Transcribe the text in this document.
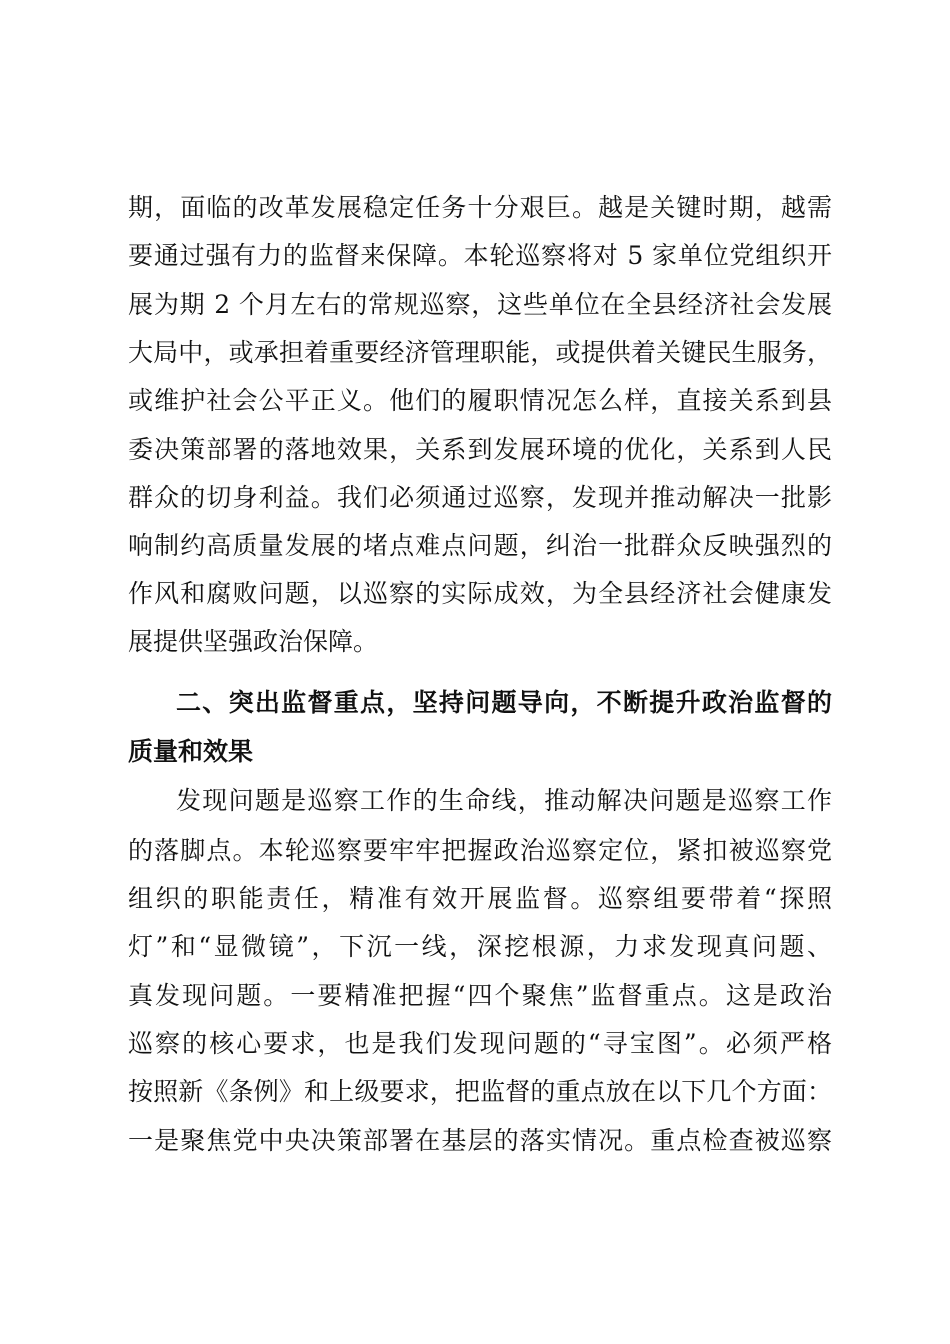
期，面临的改革发展稳定任务十分艰巨。越是关键时期，越需
要通过强有力的监督来保障。本轮巡察将对 5 家单位党组织开
展为期 2 个月左右的常规巡察，这些单位在全县经济社会发展
大局中，或承担着重要经济管理职能，或提供着关键民生服务，
或维护社会公平正义。他们的履职情况怎么样，直接关系到县
委决策部署的落地效果，关系到发展环境的优化，关系到人民
群众的切身利益。我们必须通过巡察，发现并推动解决一批影
响制约高质量发展的堵点难点问题，纠治一批群众反映强烈的
作风和腐败问题，以巡察的实际成效，为全县经济社会健康发
展提供坚强政治保障。
二、突出监督重点，坚持问题导向，不断提升政治监督的
质量和效果
发现问题是巡察工作的生命线，推动解决问题是巡察工作
的落脚点。本轮巡察要牢牢把握政治巡察定位，紧扣被巡察党
组织的职能责任，精准有效开展监督。巡察组要带着“探照
灯”和“显微镜”，下沉一线，深挖根源，力求发现真问题、
真发现问题。一要精准把握“四个聚焦”监督重点。这是政治
巡察的核心要求，也是我们发现问题的“寻宝图”。必须严格
按照新《条例》和上级要求，把监督的重点放在以下几个方面：
一是聚焦党中央决策部署在基层的落实情况。重点检查被巡察
